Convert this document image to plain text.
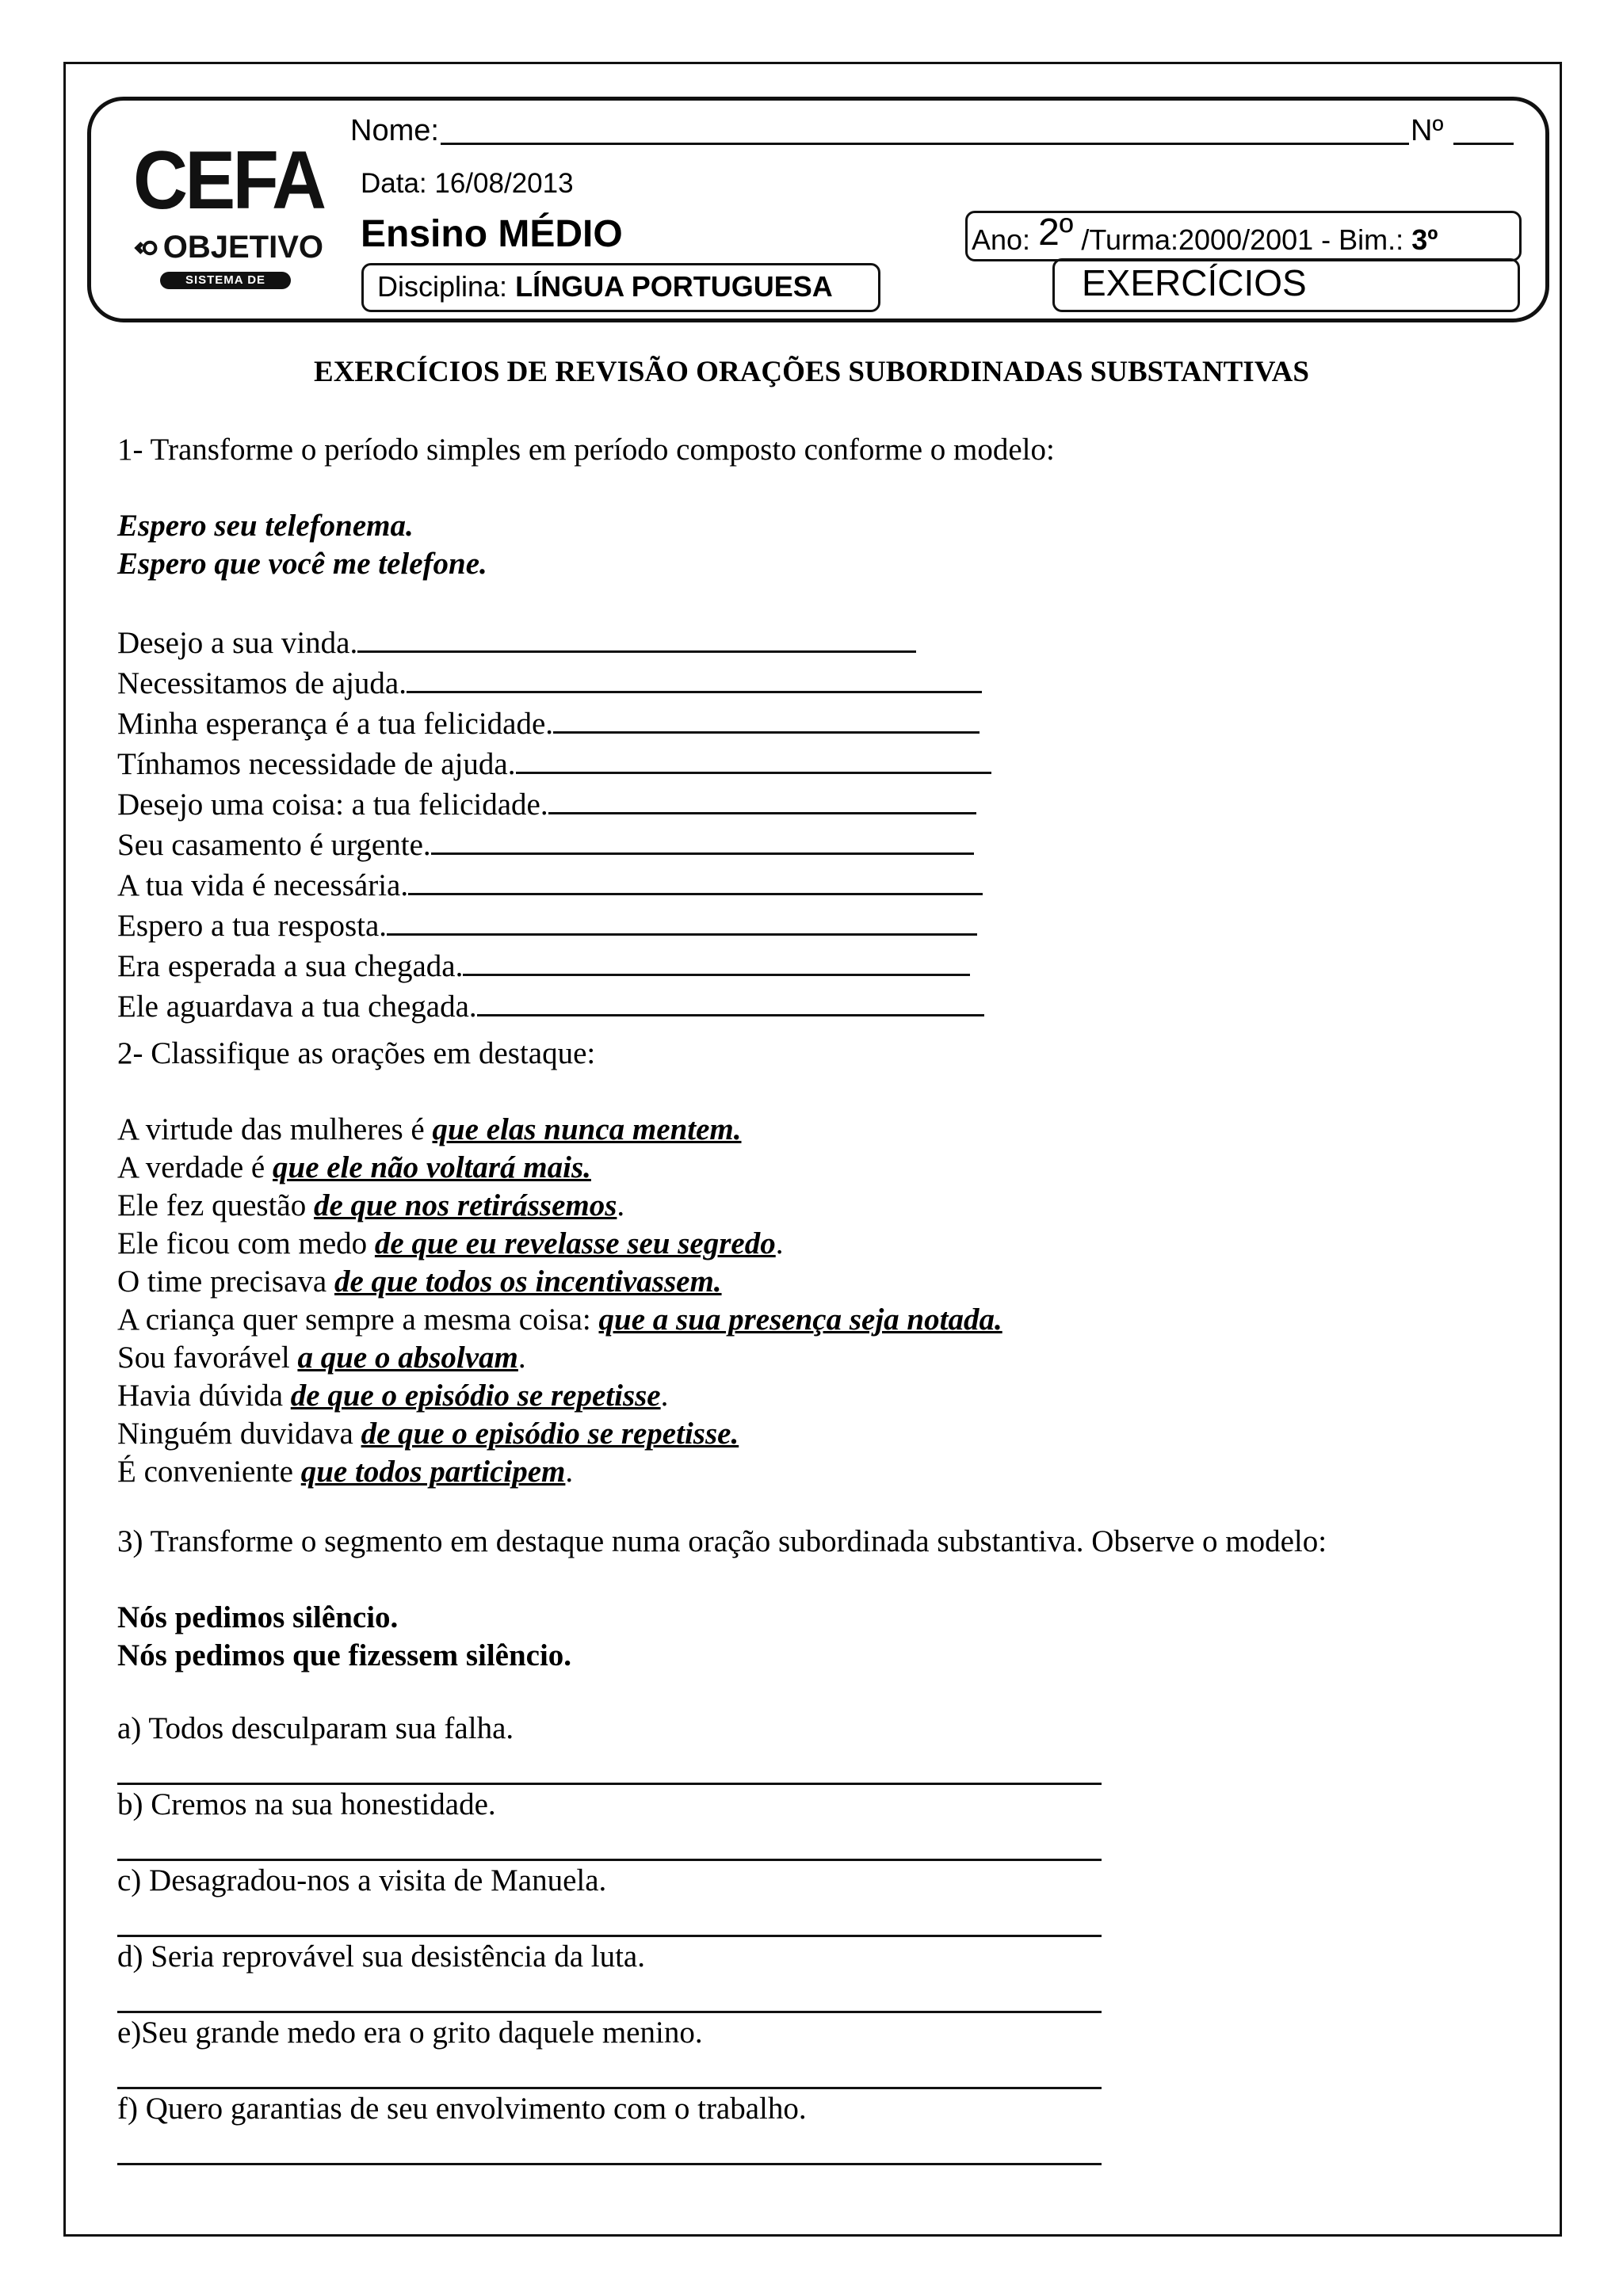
CEFA
OBJETIVO
SISTEMA DE ENSINO
Nome:	Nº
Data: 16/08/2013
Ensino MÉDIO	Ano: 2º /Turma:2000/2001 - Bim.: 3º
Disciplina: LÍNGUA PORTUGUESA	EXERCÍCIOS
EXERCÍCIOS DE REVISÃO ORAÇÕES SUBORDINADAS SUBSTANTIVAS
1- Transforme o período simples em período composto conforme o modelo:
Espero seu telefonema.
Espero que você me telefone.
Desejo a sua vinda.
Necessitamos de ajuda.
Minha esperança é a tua felicidade.
Tínhamos necessidade de ajuda.
Desejo uma coisa: a tua felicidade.
Seu casamento é urgente.
A tua vida é necessária.
Espero a tua resposta.
Era esperada a sua chegada.
Ele aguardava a tua chegada.
2- Classifique as orações em destaque:
A virtude das mulheres é que elas nunca mentem.
A verdade é que ele não voltará mais.
Ele fez questão de que nos retirássemos.
Ele ficou com medo de que eu revelasse seu segredo.
O time precisava de que todos os incentivassem.
A criança quer sempre a mesma coisa: que a sua presença seja notada.
Sou favorável a que o absolvam.
Havia dúvida de que o episódio se repetisse.
Ninguém duvidava de que o episódio se repetisse.
É conveniente que todos participem.
3) Transforme o segmento em destaque numa oração subordinada substantiva. Observe o modelo:
Nós pedimos silêncio.
Nós pedimos que fizessem silêncio.
a) Todos desculparam sua falha.
b) Cremos na sua honestidade.
c) Desagradou-nos a visita de Manuela.
d) Seria reprovável sua desistência da luta.
e)Seu grande medo era o grito daquele menino.
f) Quero garantias de seu envolvimento com o trabalho.
